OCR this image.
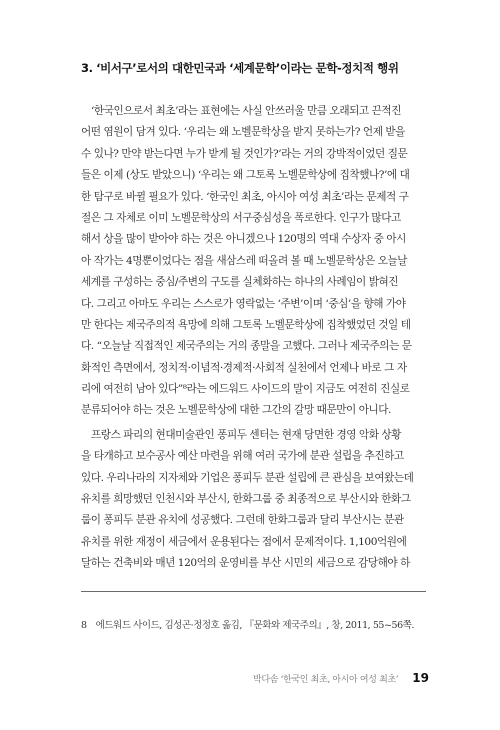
3. ‘비서구’로서의 대한민국과 ‘세계문학’이라는 문학-정치적 행위
‘한국인으로서 최초’라는 표현에는 사실 안쓰러울 만큼 오래되고 끈적진
어떤 염원이 담겨 있다. ‘우리는 왜 노벨문학상을 받지 못하는가? 언제 받을
수 있나? 만약 받는다면 누가 받게 될 것인가?’라는 거의 강박적이었던 질문
들은 이제 (상도 받았으니) ‘우리는 왜 그토록 노벨문학상에 집착했나?’에 대
한 탐구로 바뀔 필요가 있다. ‘한국인 최초, 아시아 여성 최초’라는 문제적 구
절은 그 자체로 이미 노벨문학상의 서구중심성을 폭로한다. 인구가 많다고
해서 상을 많이 받아야 하는 것은 아니겠으나 120명의 역대 수상자 중 아시
아 작가는 4명뿐이었다는 점을 새삼스레 떠올려 볼 때 노벨문학상은 오늘날
세계를 구성하는 중심/주변의 구도를 실체화하는 하나의 사례임이 밝혀진
다. 그리고 아마도 우리는 스스로가 영락없는 ‘주변’이며 ‘중심’을 향해 가야
만 한다는 제국주의적 욕망에 의해 그토록 노벨문학상에 집착했었던 것일 테
다. “오늘날 직접적인 제국주의는 거의 종말을 고했다. 그러나 제국주의는 문
화적인 측면에서, 정치적·이념적·경제적·사회적 실천에서 언제나 바로 그 자
리에 여전히 남아 있다”⁸라는 에드워드 사이드의 말이 지금도 여전히 진실로
분류되어야 하는 것은 노벨문학상에 대한 그간의 갈망 때문만이 아니다.
프랑스 파리의 현대미술관인 퐁피두 센터는 현재 당면한 경영 악화 상황
을 타개하고 보수공사 예산 마련을 위해 여러 국가에 분관 설립을 추진하고
있다. 우리나라의 지자체와 기업은 퐁피두 분관 설립에 큰 관심을 보여왔는데
유치를 희망했던 인천시와 부산시, 한화그룹 중 최종적으로 부산시와 한화그
룹이 퐁피두 분관 유치에 성공했다. 그런데 한화그룹과 달리 부산시는 분관
유치를 위한 재정이 세금에서 운용된다는 점에서 문제적이다. 1,100억원에
달하는 건축비와 매년 120억의 운영비를 부산 시민의 세금으로 감당해야 하
8　에드워드 사이드, 김성곤·정정호 옮김, 『문화와 제국주의』, 창, 2011, 55~56쪽.
박다솜 ‘한국인 최초, 아시아 여성 최초’ 19
